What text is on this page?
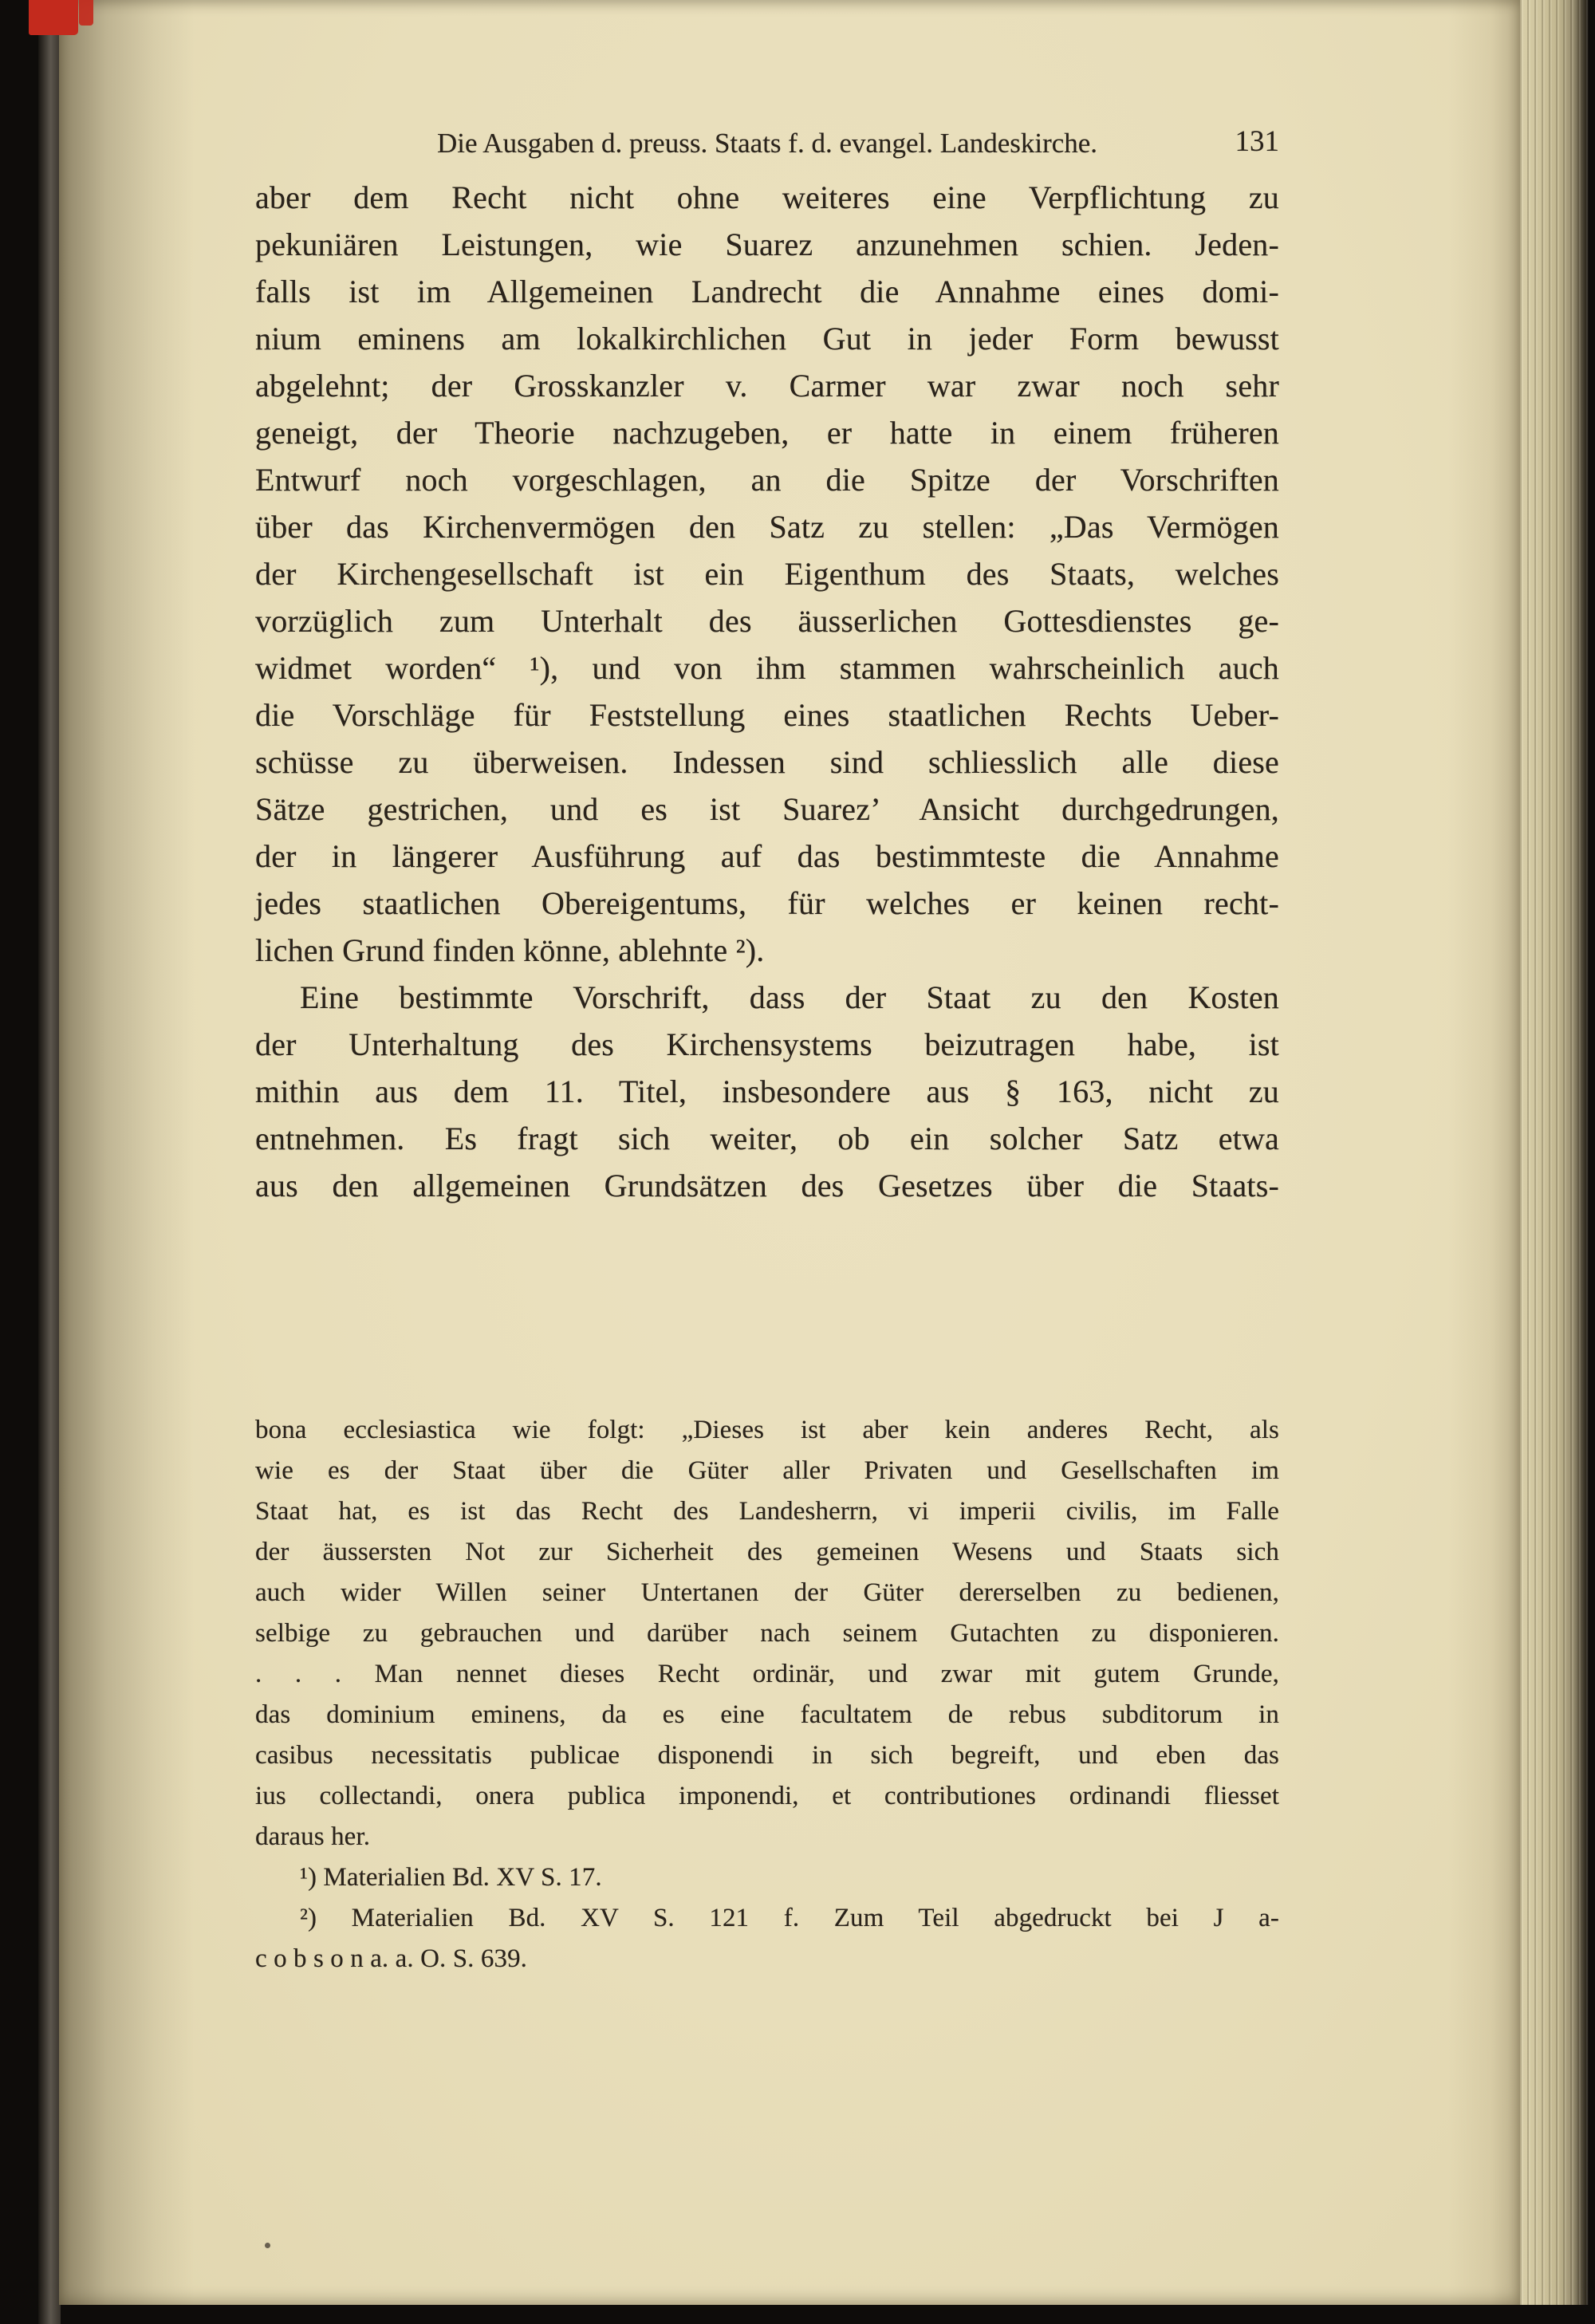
Die Ausgaben d. preuss. Staats f. d. evangel. Landeskirche.	131
aber dem Recht nicht ohne weiteres eine Verpflichtung zu
pekuniären Leistungen, wie Suarez anzunehmen schien. Jeden-
falls ist im Allgemeinen Landrecht die Annahme eines domi-
nium eminens am lokalkirchlichen Gut in jeder Form bewusst
abgelehnt; der Grosskanzler v. Carmer war zwar noch sehr
geneigt, der Theorie nachzugeben, er hatte in einem früheren
Entwurf noch vorgeschlagen, an die Spitze der Vorschriften
über das Kirchenvermögen den Satz zu stellen: „Das Vermögen
der Kirchengesellschaft ist ein Eigenthum des Staats, welches
vorzüglich zum Unterhalt des äusserlichen Gottesdienstes ge-
widmet worden“ ¹), und von ihm stammen wahrscheinlich auch
die Vorschläge für Feststellung eines staatlichen Rechts Ueber-
schüsse zu überweisen. Indessen sind schliesslich alle diese
Sätze gestrichen, und es ist Suarez’ Ansicht durchgedrungen,
der in längerer Ausführung auf das bestimmteste die Annahme
jedes staatlichen Obereigentums, für welches er keinen recht-
lichen Grund finden könne, ablehnte ²).
Eine bestimmte Vorschrift, dass der Staat zu den Kosten
der Unterhaltung des Kirchensystems beizutragen habe, ist
mithin aus dem 11. Titel, insbesondere aus § 163, nicht zu
entnehmen. Es fragt sich weiter, ob ein solcher Satz etwa
aus den allgemeinen Grundsätzen des Gesetzes über die Staats-
bona ecclesiastica wie folgt: „Dieses ist aber kein anderes Recht, als
wie es der Staat über die Güter aller Privaten und Gesellschaften im
Staat hat, es ist das Recht des Landesherrn, vi imperii civilis, im Falle
der äussersten Not zur Sicherheit des gemeinen Wesens und Staats sich
auch wider Willen seiner Untertanen der Güter dererselben zu bedienen,
selbige zu gebrauchen und darüber nach seinem Gutachten zu disponieren.
. . . Man nennet dieses Recht ordinär, und zwar mit gutem Grunde,
das dominium eminens, da es eine facultatem de rebus subditorum in
casibus necessitatis publicae disponendi in sich begreift, und eben das
ius collectandi, onera publica imponendi, et contributiones ordinandi fliesset
daraus her.
¹) Materialien Bd. XV S. 17.
²) Materialien Bd. XV S. 121 f. Zum Teil abgedruckt bei J a-
c o b s o n a. a. O. S. 639.
